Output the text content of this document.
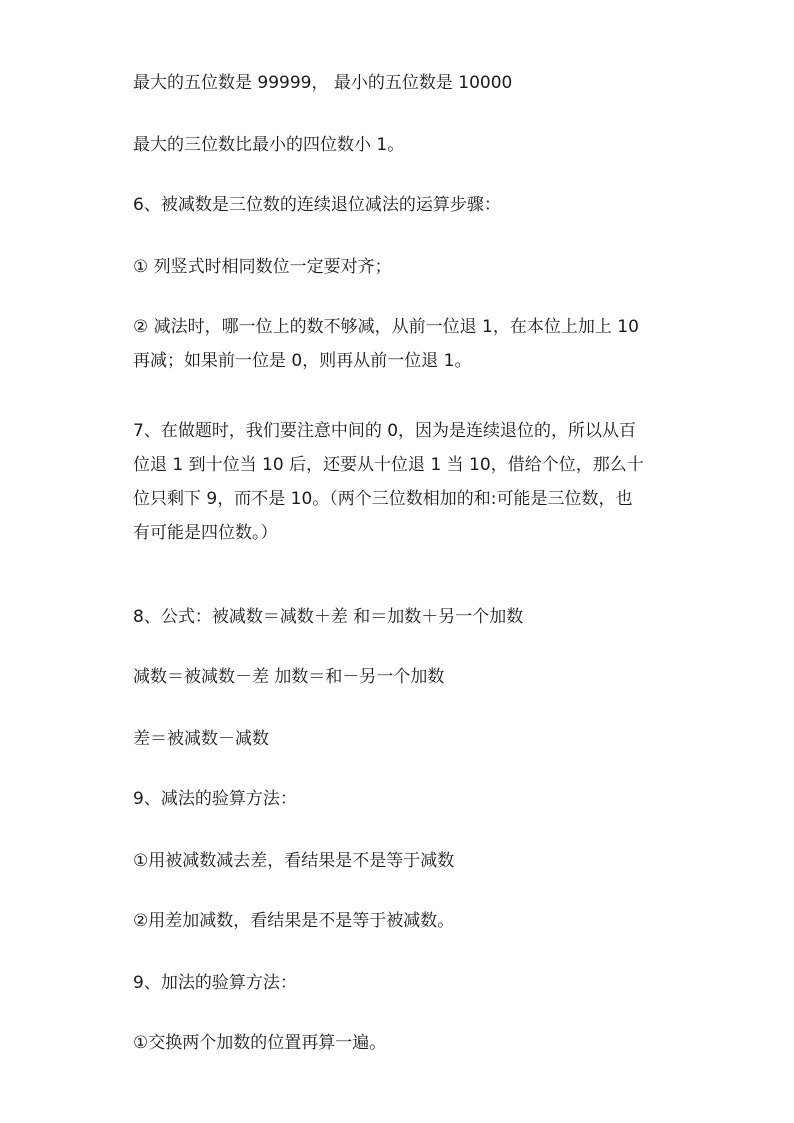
最大的五位数是 99999， 最小的五位数是 10000

最大的三位数比最小的四位数小 1。

6、被减数是三位数的连续退位减法的运算步骤：

① 列竖式时相同数位一定要对齐；

② 减法时，哪一位上的数不够减，从前一位退 1，在本位上加上 10
再减；如果前一位是 0，则再从前一位退 1。

7、在做题时，我们要注意中间的 0，因为是连续退位的，所以从百
位退 1 到十位当 10 后，还要从十位退 1 当 10，借给个位，那么十
位只剩下 9，而不是 10。（两个三位数相加的和:可能是三位数，也
有可能是四位数。）

8、公式：被减数＝减数＋差 和＝加数＋另一个加数

减数＝被减数－差 加数＝和－另一个加数

差＝被减数－减数

9、减法的验算方法：

①用被减数减去差，看结果是不是等于减数

②用差加减数，看结果是不是等于被减数。

9、加法的验算方法：

①交换两个加数的位置再算一遍。
